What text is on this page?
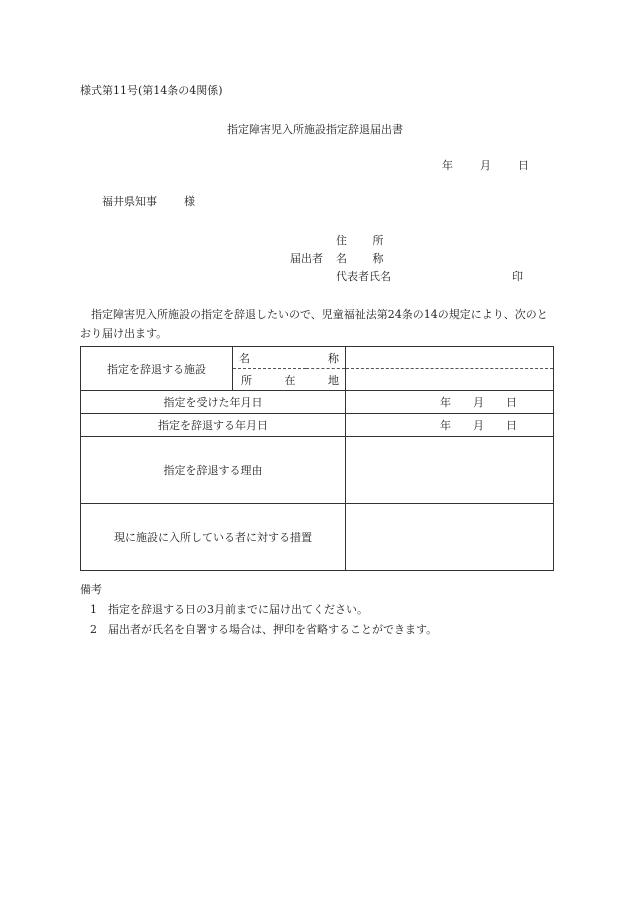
様式第11号(第14条の4関係)
指定障害児入所施設指定辞退届出書
年 月 日
福井県知事 様
住 所
届出者 名 称
代表者氏名	印
指定障害児入所施設の指定を辞退したいので、児童福祉法第24条の14の規定により、次のとおり届け出ます。
指定を辞退する施設	名 称	

	所 在 地	

指定を受けた年月日		年 月 日
指定を辞退する年月日		年 月 日
指定を辞退する理由		
現に施設に入所している者に対する措置		
備考
1 指定を辞退する日の3月前までに届け出てください。
2 届出者が氏名を自署する場合は、押印を省略することができます。
